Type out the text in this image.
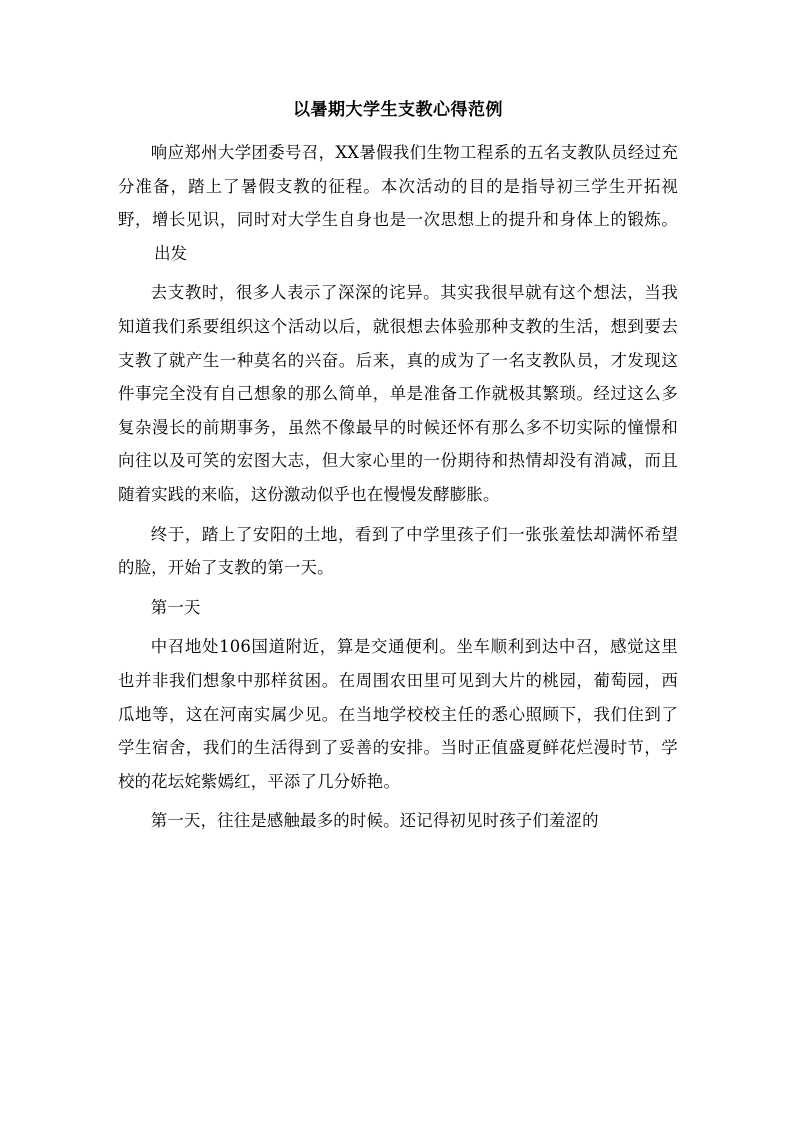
以暑期大学生支教心得范例

响应郑州大学团委号召，XX暑假我们生物工程系的五名支教队员经过充分准备，踏上了暑假支教的征程。本次活动的目的是指导初三学生开拓视野，增长见识，同时对大学生自身也是一次思想上的提升和身体上的锻炼。出发

去支教时，很多人表示了深深的诧异。其实我很早就有这个想法，当我知道我们系要组织这个活动以后，就很想去体验那种支教的生活，想到要去支教了就产生一种莫名的兴奋。后来，真的成为了一名支教队员，才发现这件事完全没有自己想象的那么简单，单是准备工作就极其繁琐。经过这么多复杂漫长的前期事务，虽然不像最早的时候还怀有那么多不切实际的憧憬和向往以及可笑的宏图大志，但大家心里的一份期待和热情却没有消减，而且随着实践的来临，这份激动似乎也在慢慢发酵膨胀。

终于，踏上了安阳的土地，看到了中学里孩子们一张张羞怯却满怀希望的脸，开始了支教的第一天。

第一天

中召地处106国道附近，算是交通便利。坐车顺利到达中召，感觉这里也并非我们想象中那样贫困。在周围农田里可见到大片的桃园，葡萄园，西瓜地等，这在河南实属少见。在当地学校校主任的悉心照顾下，我们住到了学生宿舍，我们的生活得到了妥善的安排。当时正值盛夏鲜花烂漫时节，学校的花坛姹紫嫣红，平添了几分娇艳。

第一天，往往是感触最多的时候。还记得初见时孩子们羞涩的
